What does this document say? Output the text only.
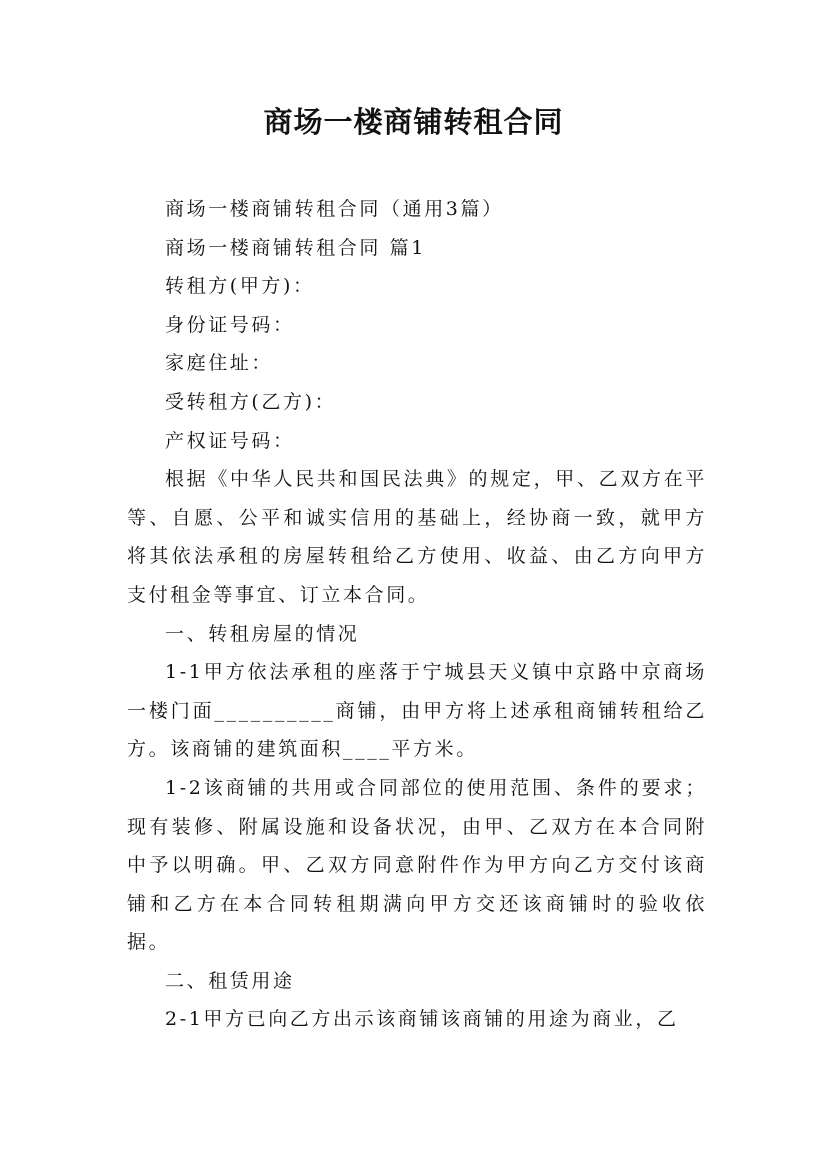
商场一楼商铺转租合同

商场一楼商铺转租合同（通用3篇）

商场一楼商铺转租合同 篇1

转租方(甲方)：

身份证号码：

家庭住址：

受转租方(乙方)：

产权证号码：

根据《中华人民共和国民法典》的规定，甲、乙双方在平等、自愿、公平和诚实信用的基础上，经协商一致，就甲方将其依法承租的房屋转租给乙方使用、收益、由乙方向甲方支付租金等事宜、订立本合同。

一、转租房屋的情况

1-1甲方依法承租的座落于宁城县天义镇中京路中京商场一楼门面__________商铺，由甲方将上述承租商铺转租给乙方。该商铺的建筑面积____平方米。

1-2该商铺的共用或合同部位的使用范围、条件的要求；现有装修、附属设施和设备状况，由甲、乙双方在本合同附中予以明确。甲、乙双方同意附件作为甲方向乙方交付该商铺和乙方在本合同转租期满向甲方交还该商铺时的验收依据。

二、租赁用途

2-1甲方已向乙方出示该商铺该商铺的用途为商业，乙
